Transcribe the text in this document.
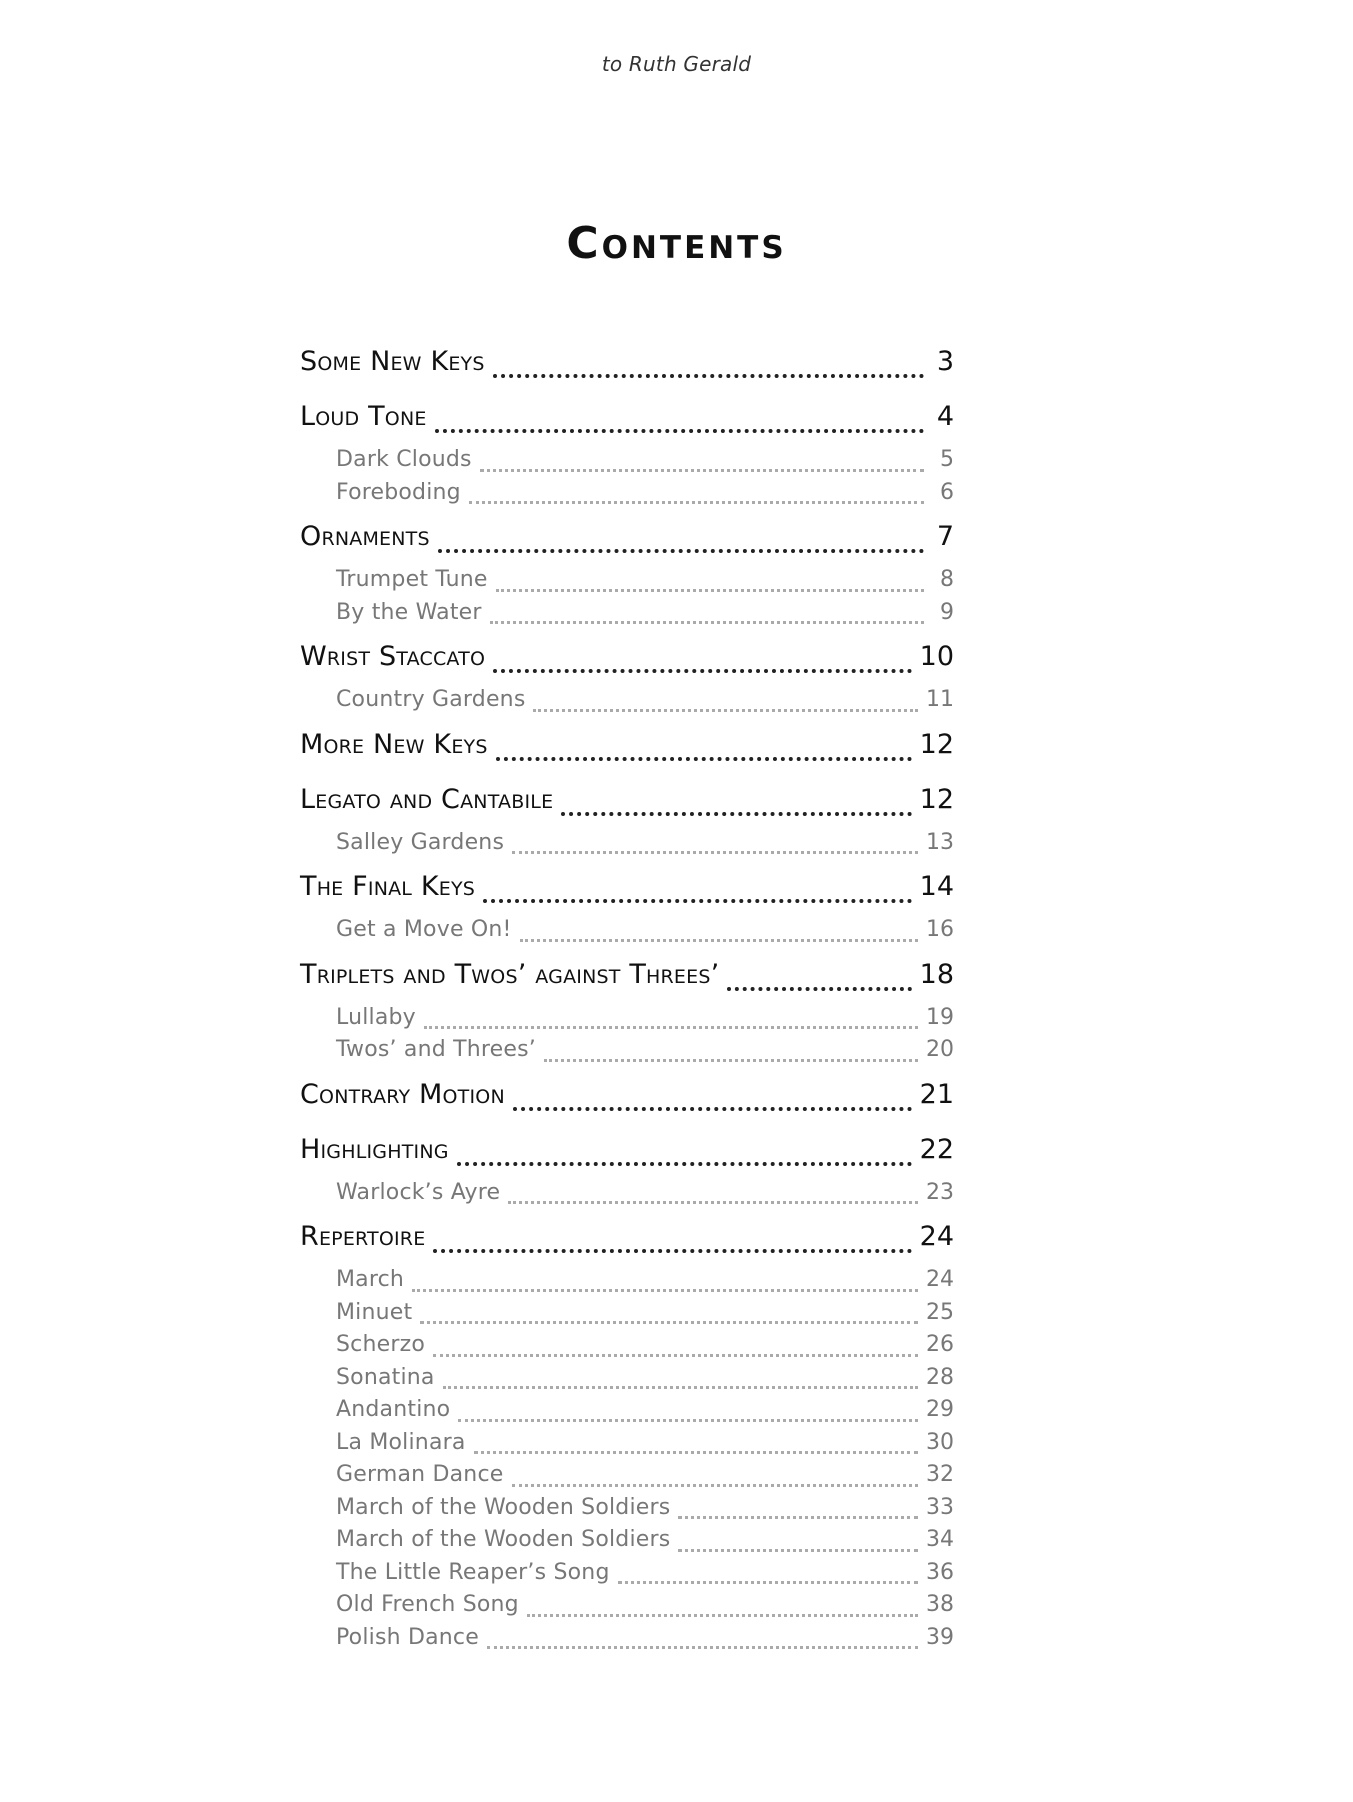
to Ruth Gerald
Contents
Some New Keys	3
Loud Tone	4
Dark Clouds	5
Foreboding	6
Ornaments	7
Trumpet Tune	8
By the Water	9
Wrist Staccato	10
Country Gardens	11
More New Keys	12
Legato and Cantabile	12
Salley Gardens	13
The Final Keys	14
Get a Move On!	16
Triplets and Twos’ against Threes’	18
Lullaby	19
Twos’ and Threes’	20
Contrary Motion	21
Highlighting	22
Warlock’s Ayre	23
Repertoire	24
March	24
Minuet	25
Scherzo	26
Sonatina	28
Andantino	29
La Molinara	30
German Dance	32
March of the Wooden Soldiers	33
March of the Wooden Soldiers	34
The Little Reaper’s Song	36
Old French Song	38
Polish Dance	39
